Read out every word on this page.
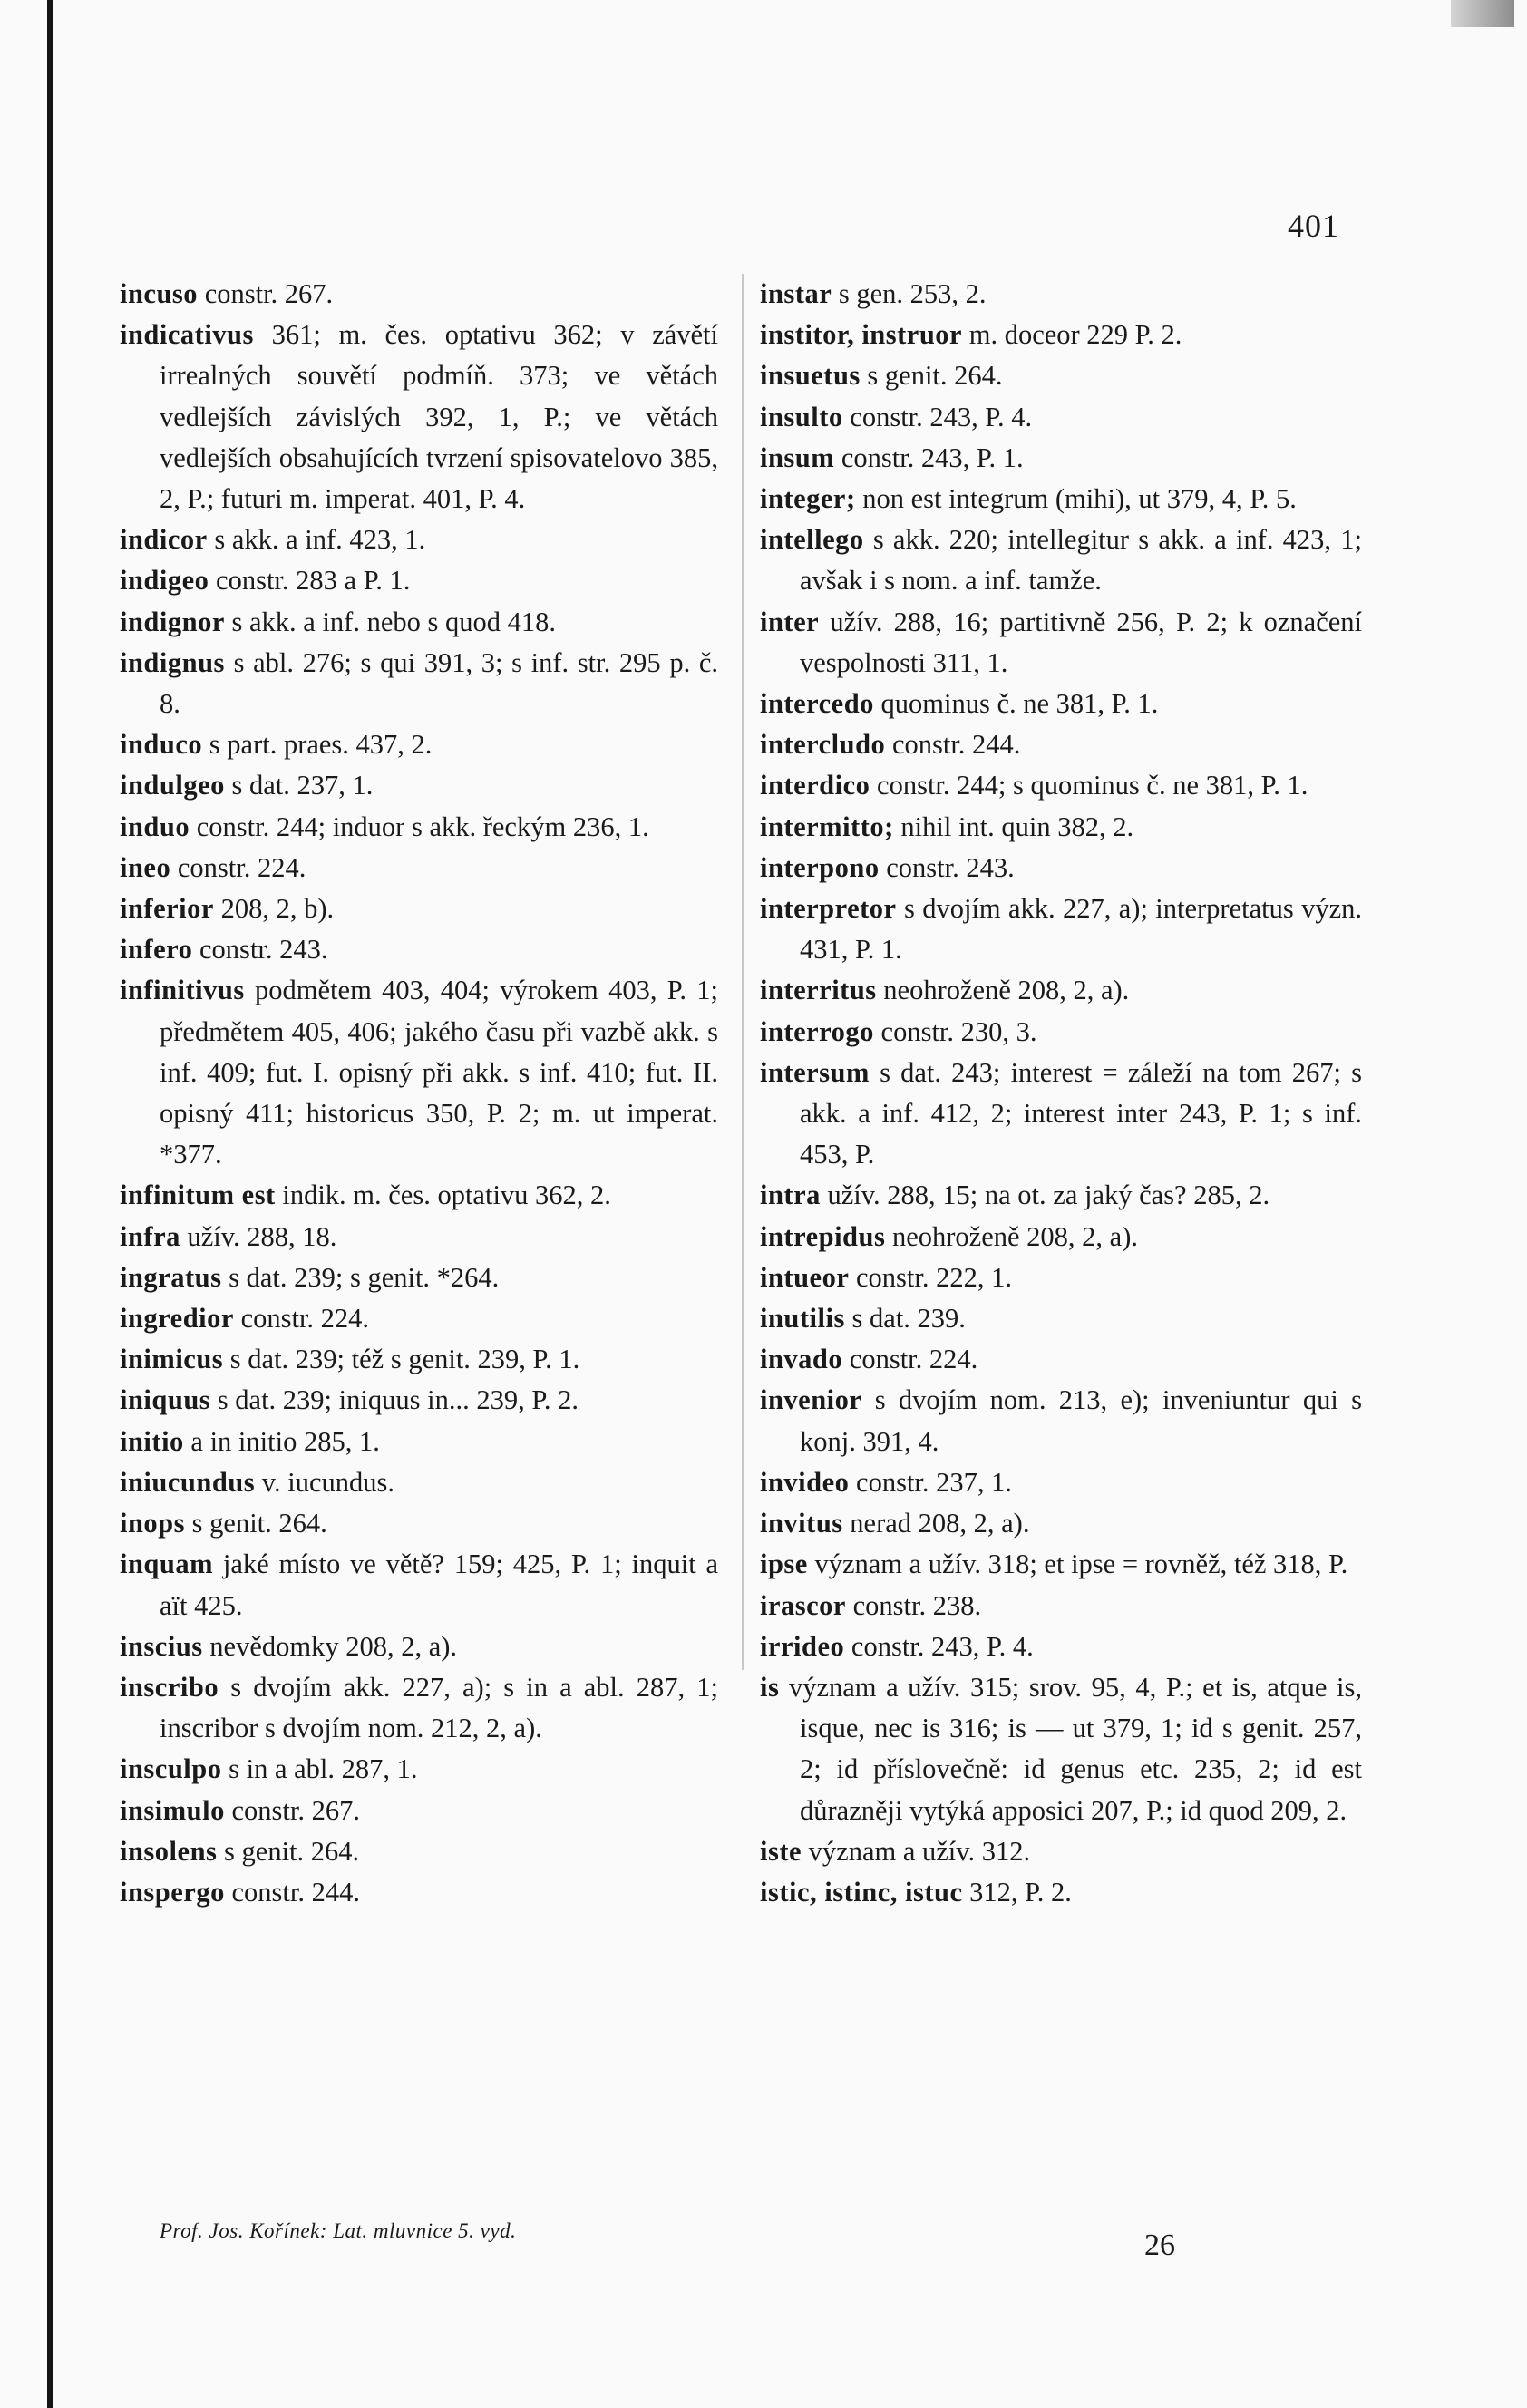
401
incuso constr. 267.
indicativus 361; m. čes. optativu 362; v závětí irrealných souvětí podmíň. 373; ve větách vedlejších závislých 392, 1, P.; ve větách vedlejších obsahujících tvrzení spisovatelovo 385, 2, P.; futuri m. imperat. 401, P. 4.
indicor s akk. a inf. 423, 1.
indigeo constr. 283 a P. 1.
indignor s akk. a inf. nebo s quod 418.
indignus s abl. 276; s qui 391, 3; s inf. str. 295 p. č. 8.
induco s part. praes. 437, 2.
indulgeo s dat. 237, 1.
induo constr. 244; induor s akk. řeckým 236, 1.
ineo constr. 224.
inferior 208, 2, b).
infero constr. 243.
infinitivus podmětem 403, 404; výrokem 403, P. 1; předmětem 405, 406; jakého času při vazbě akk. s inf. 409; fut. I. opisný při akk. s inf. 410; fut. II. opisný 411; historicus 350, P. 2; m. ut imperat. *377.
infinitum est indik. m. čes. optativu 362, 2.
infra užív. 288, 18.
ingratus s dat. 239; s genit. *264.
ingredior constr. 224.
inimicus s dat. 239; též s genit. 239, P. 1.
iniquus s dat. 239; iniquus in... 239, P. 2.
initio a in initio 285, 1.
iniucundus v. iucundus.
inops s genit. 264.
inquam jaké místo ve větě? 159; 425, P. 1; inquit a aït 425.
inscius nevědomky 208, 2, a).
inscribo s dvojím akk. 227, a); s in a abl. 287, 1; inscribor s dvojím nom. 212, 2, a).
insculpo s in a abl. 287, 1.
insimulo constr. 267.
insolens s genit. 264.
inspergo constr. 244.
instar s gen. 253, 2.
institor, instruor m. doceor 229 P. 2.
insuetus s genit. 264.
insulto constr. 243, P. 4.
insum constr. 243, P. 1.
integer; non est integrum (mihi), ut 379, 4, P. 5.
intellego s akk. 220; intellegitur s akk. a inf. 423, 1; avšak i s nom. a inf. tamže.
inter užív. 288, 16; partitivně 256, P. 2; k označení vespolnosti 311, 1.
intercedo quominus č. ne 381, P. 1.
intercludo constr. 244.
interdico constr. 244; s quominus č. ne 381, P. 1.
intermitto; nihil int. quin 382, 2.
interpono constr. 243.
interpretor s dvojím akk. 227, a); interpretatus význ. 431, P. 1.
interritus neohroženě 208, 2, a).
interrogo constr. 230, 3.
intersum s dat. 243; interest = záleží na tom 267; s akk. a inf. 412, 2; interest inter 243, P. 1; s inf. 453, P.
intra užív. 288, 15; na ot. za jaký čas? 285, 2.
intrepidus neohroženě 208, 2, a).
intueor constr. 222, 1.
inutilis s dat. 239.
invado constr. 224.
invenior s dvojím nom. 213, e); inveniuntur qui s konj. 391, 4.
invideo constr. 237, 1.
invitus nerad 208, 2, a).
ipse význam a užív. 318; et ipse = rovněž, též 318, P.
irascor constr. 238.
irrideo constr. 243, P. 4.
is význam a užív. 315; srov. 95, 4, P.; et is, atque is, isque, nec is 316; is — ut 379, 1; id s genit. 257, 2; id příslovečně: id genus etc. 235, 2; id est důrazněji vytýká apposici 207, P.; id quod 209, 2.
iste význam a užív. 312.
istic, istinc, istuc 312, P. 2.
Prof. Jos. Kořínek: Lat. mluvnice 5. vyd.	26
